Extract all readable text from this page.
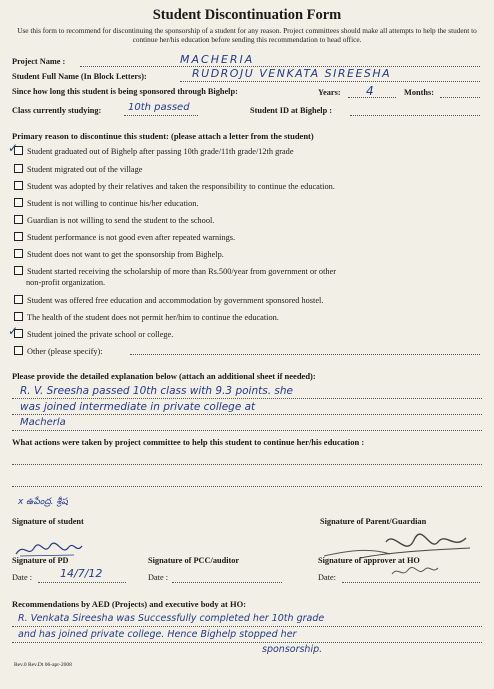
Student Discontinuation Form
Use this form to recommend for discontinuing the sponsorship of a student for any reason. Project committees should make all attempts to help the student to continue her/his education before sending this recommendation to head office.
Project Name :	MACHERIA
Student Full Name (In Block Letters):	RUDROJU VENKATA SIREESHA
Since how long this student is being sponsored through Bighelp:	Years: 4	Months:
Class currently studying:	10th passed	Student ID at Bighelp :
Primary reason to discontinue this student: (please attach a letter from the student)
✓ Student graduated out of Bighelp after passing 10th grade/11th grade/12th grade
Student migrated out of the village
Student was adopted by their relatives and taken the responsibility to continue the education.
Student is not willing to continue his/her education.
Guardian is not willing to send the student to the school.
Student performance is not good even after repeated warnings.
Student does not want to get the sponsorship from Bighelp.
Student started receiving the scholarship of more than Rs.500/year from government or other
non-profit organization.
Student was offered free education and accommodation by government sponsored hostel.
The health of the student does not permit her/him to continue the education.
✓ Student joined the private school or college.
Other (please specify):
Please provide the detailed explanation below (attach an additional sheet if needed):
R. V. Sreesha passed 10th class with 9.3 points. she
was joined intermediate in private college at
Macherla
What actions were taken by project committee to help this student to continue her/his education :
x ఉపేంద్ర. శ్రీష
Signature of student	Signature of Parent/Guardian
Signature of PD
Date :	14/7/12
Signature of PCC/auditor
Date :
Signature of approver at HO
Date:
Recommendations by AED (Projects) and executive body at HO:
R. Venkata Sireesha was Successfully completed her 10th grade
and has joined private college. Hence Bighelp stopped her
sponsorship.
Rev.0 Rev.Dt 06-apr-2008
